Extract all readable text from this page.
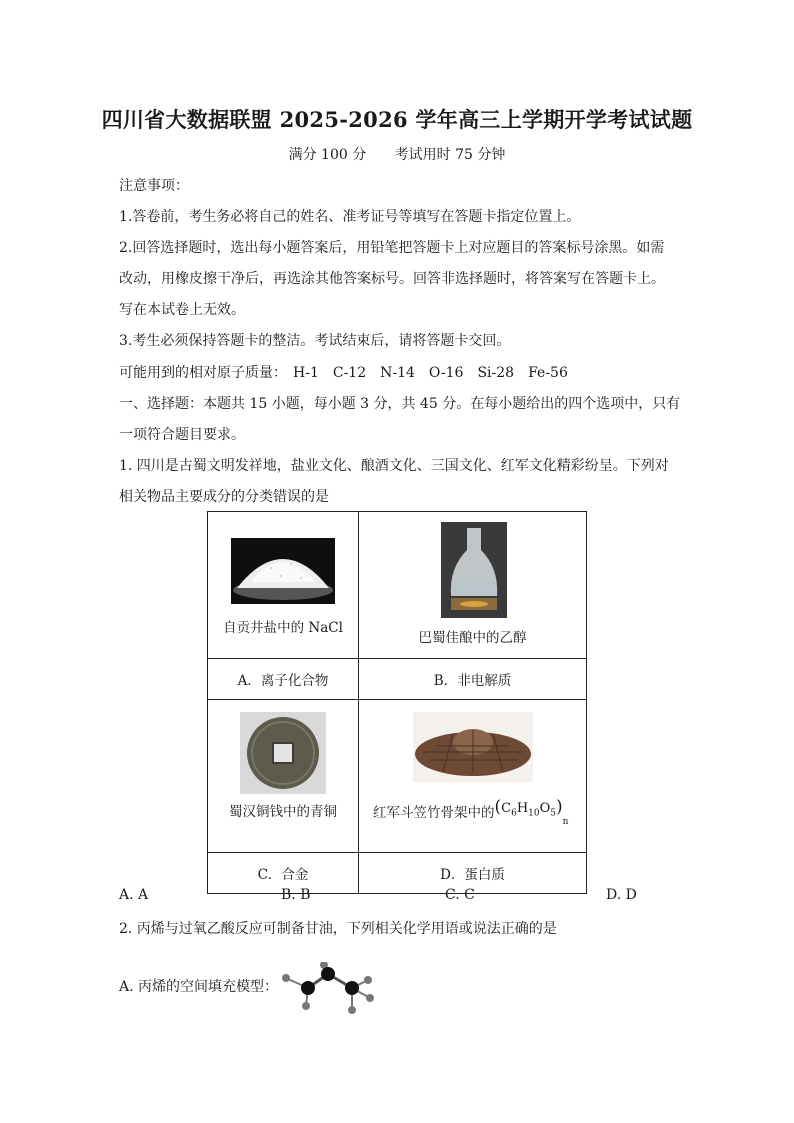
四川省大数据联盟 2025-2026 学年高三上学期开学考试试题
满分 100 分 考试用时 75 分钟
注意事项：
1.答卷前，考生务必将自己的姓名、准考证号等填写在答题卡指定位置上。
2.回答选择题时，选出每小题答案后，用铅笔把答题卡上对应题目的答案标号涂黑。如需
改动，用橡皮擦干净后，再选涂其他答案标号。回答非选择题时，将答案写在答题卡上。
写在本试卷上无效。
3.考生必须保持答题卡的整洁。考试结束后，请将答题卡交回。
可能用到的相对原子质量： H-1 C-12 N-14 O-16 Si-28 Fe-56
一、选择题：本题共 15 小题，每小题 3 分，共 45 分。在每小题给出的四个选项中，只有
一项符合题目要求。
1. 四川是古蜀文明发祥地，盐业文化、酿酒文化、三国文化、红军文化精彩纷呈。下列对
相关物品主要成分的分类错误的是
自贡井盐中的 NaCl	巴蜀佳酿中的乙醇

A．离子化合物	B．非电解质

蜀汉铜钱中的青铜	红军斗笠竹骨架中的$(C_6H_{10}O_5)_n$

C．合金	D．蛋白质
A. A	B. B	C. C	D. D
2. 丙烯与过氧乙酸反应可制备甘油，下列相关化学用语或说法正确的是
A. 丙烯的空间填充模型：
